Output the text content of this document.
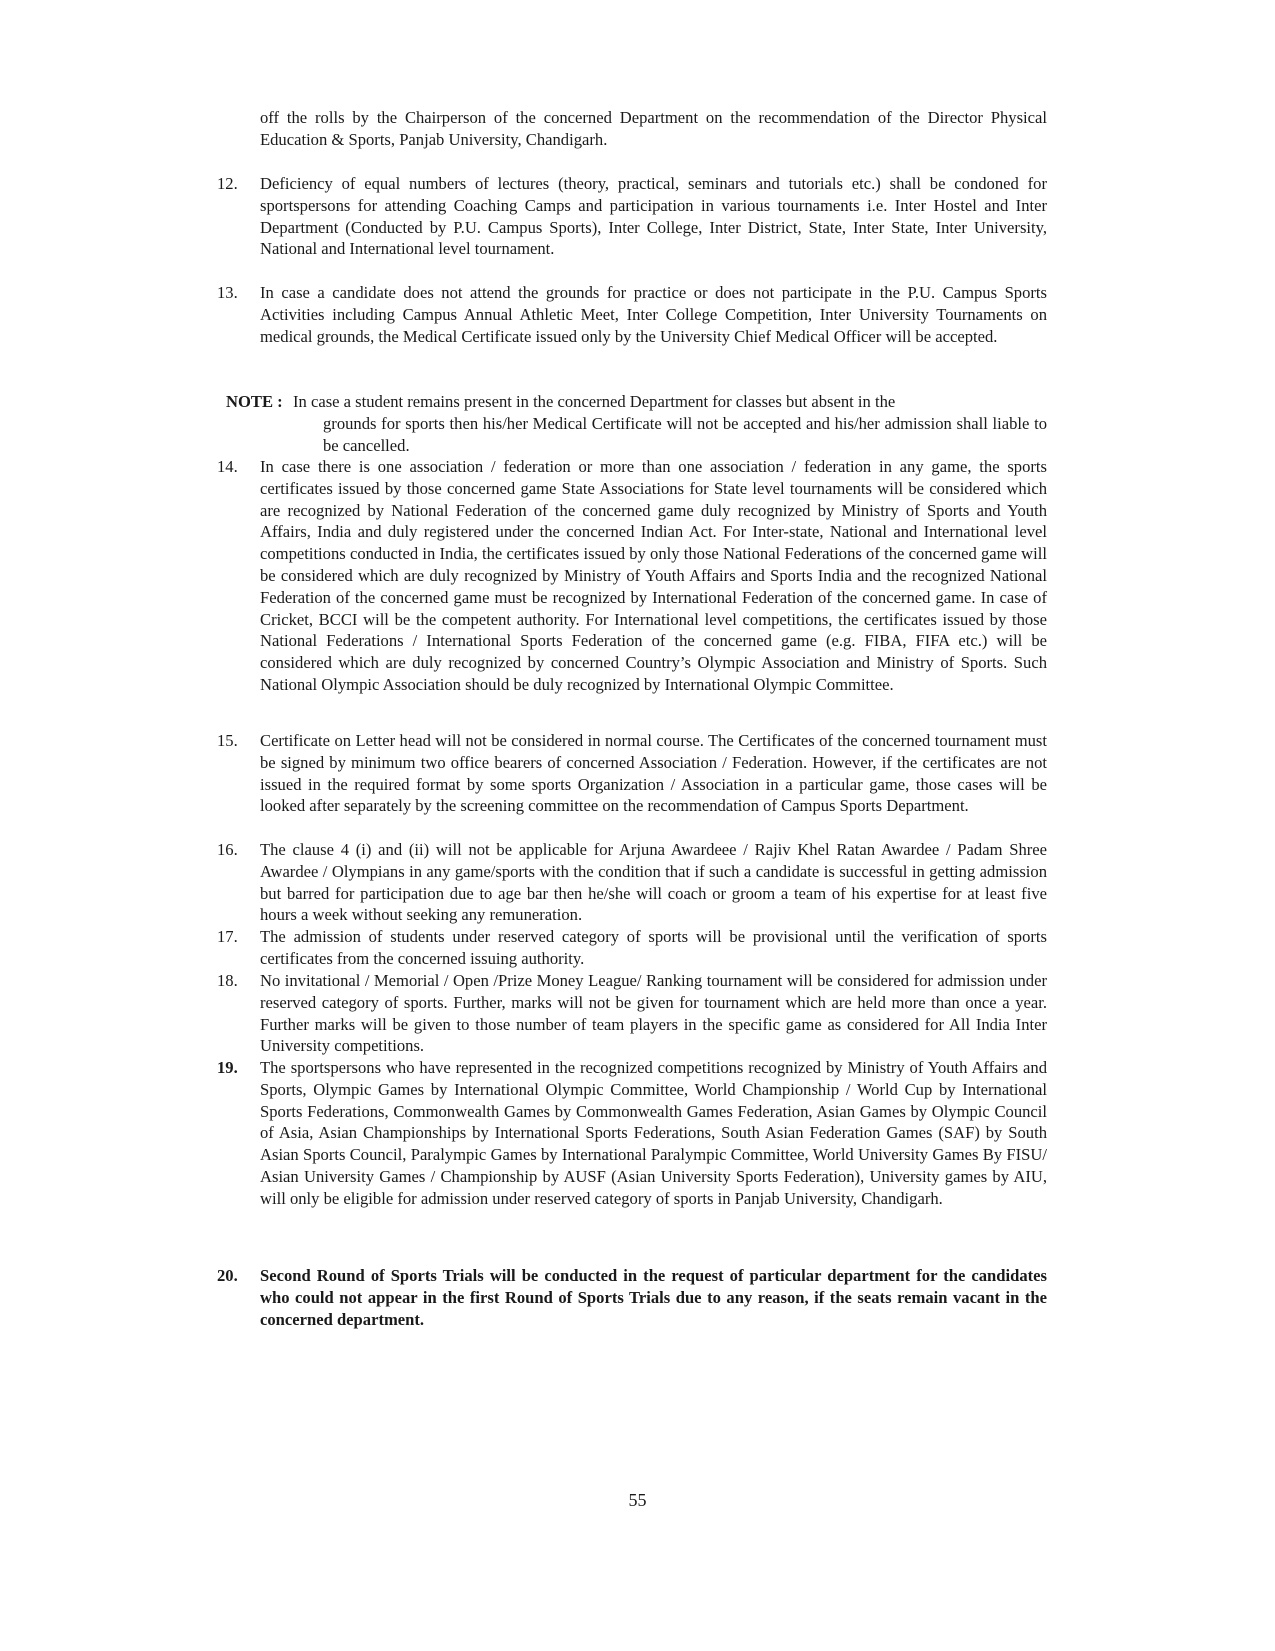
off the rolls by the Chairperson of the concerned Department on the recommendation of the Director Physical Education & Sports, Panjab University, Chandigarh.
12. Deficiency of equal numbers of lectures (theory, practical, seminars and tutorials etc.) shall be condoned for sportspersons for attending Coaching Camps and participation in various tournaments i.e. Inter Hostel and Inter Department (Conducted by P.U. Campus Sports), Inter College, Inter District, State, Inter State, Inter University, National and International level tournament.
13. In case a candidate does not attend the grounds for practice or does not participate in the P.U. Campus Sports Activities including Campus Annual Athletic Meet, Inter College Competition, Inter University Tournaments on medical grounds, the Medical Certificate issued only by the University Chief Medical Officer will be accepted.
NOTE : In case a student remains present in the concerned Department for classes but absent in the
grounds for sports then his/her Medical Certificate will not be accepted and his/her admission shall liable to be cancelled.
14. In case there is one association / federation or more than one association / federation in any game, the sports certificates issued by those concerned game State Associations for State level tournaments will be considered which are recognized by National Federation of the concerned game duly recognized by Ministry of Sports and Youth Affairs, India and duly registered under the concerned Indian Act. For Inter-state, National and International level competitions conducted in India, the certificates issued by only those National Federations of the concerned game will be considered which are duly recognized by Ministry of Youth Affairs and Sports India and the recognized National Federation of the concerned game must be recognized by International Federation of the concerned game. In case of Cricket, BCCI will be the competent authority. For International level competitions, the certificates issued by those National Federations / International Sports Federation of the concerned game (e.g. FIBA, FIFA etc.) will be considered which are duly recognized by concerned Country’s Olympic Association and Ministry of Sports. Such National Olympic Association should be duly recognized by International Olympic Committee.
15. Certificate on Letter head will not be considered in normal course. The Certificates of the concerned tournament must be signed by minimum two office bearers of concerned Association / Federation. However, if the certificates are not issued in the required format by some sports Organization / Association in a particular game, those cases will be looked after separately by the screening committee on the recommendation of Campus Sports Department.
16. The clause 4 (i) and (ii) will not be applicable for Arjuna Awardeee / Rajiv Khel Ratan Awardee / Padam Shree Awardee / Olympians in any game/sports with the condition that if such a candidate is successful in getting admission but barred for participation due to age bar then he/she will coach or groom a team of his expertise for at least five hours a week without seeking any remuneration.
17. The admission of students under reserved category of sports will be provisional until the verification of sports certificates from the concerned issuing authority.
18. No invitational / Memorial / Open /Prize Money League/ Ranking tournament will be considered for admission under reserved category of sports. Further, marks will not be given for tournament which are held more than once a year. Further marks will be given to those number of team players in the specific game as considered for All India Inter University competitions.
19. The sportspersons who have represented in the recognized competitions recognized by Ministry of Youth Affairs and Sports, Olympic Games by International Olympic Committee, World Championship / World Cup by International Sports Federations, Commonwealth Games by Commonwealth Games Federation, Asian Games by Olympic Council of Asia, Asian Championships by International Sports Federations, South Asian Federation Games (SAF) by South Asian Sports Council, Paralympic Games by International Paralympic Committee, World University Games By FISU/ Asian University Games / Championship by AUSF (Asian University Sports Federation), University games by AIU, will only be eligible for admission under reserved category of sports in Panjab University, Chandigarh.
20. Second Round of Sports Trials will be conducted in the request of particular department for the candidates who could not appear in the first Round of Sports Trials due to any reason, if the seats remain vacant in the concerned department.
55
